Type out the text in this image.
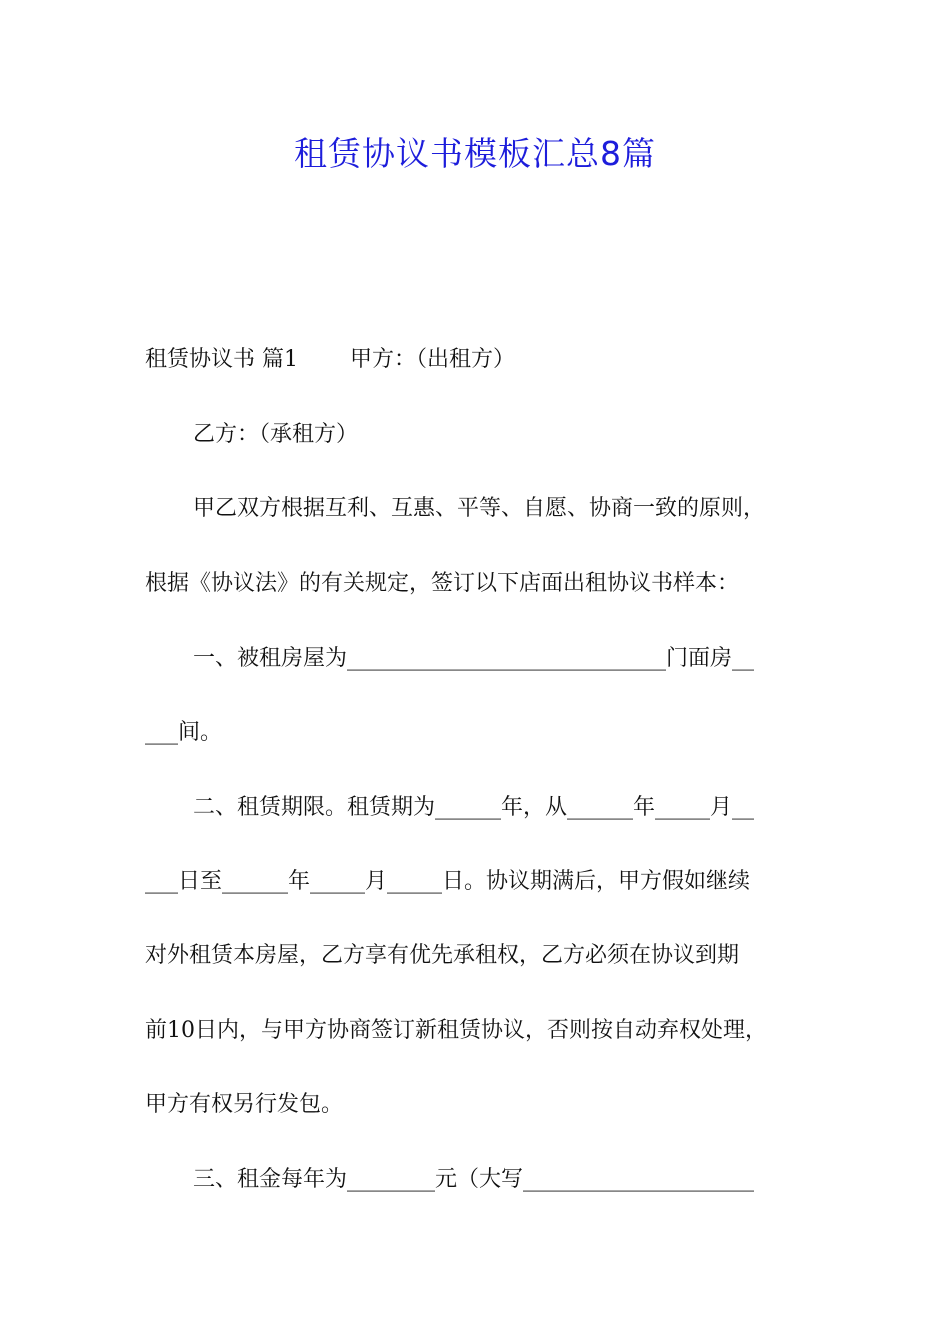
租赁协议书模板汇总8篇
租赁协议书 篇1 甲方：（出租方）
乙方：（承租方）
甲乙双方根据互利、互惠、平等、自愿、协商一致的原则，
根据《协议法》的有关规定，签订以下店面出租协议书样本：
一、被租房屋为_____________________________门面房__
___间。
二、租赁期限。租赁期为______年，从______年_____月__
___日至______年_____月_____日。协议期满后，甲方假如继续
对外租赁本房屋，乙方享有优先承租权，乙方必须在协议到期
前10日内，与甲方协商签订新租赁协议，否则按自动弃权处理，
甲方有权另行发包。
三、租金每年为________元（大写_____________________
